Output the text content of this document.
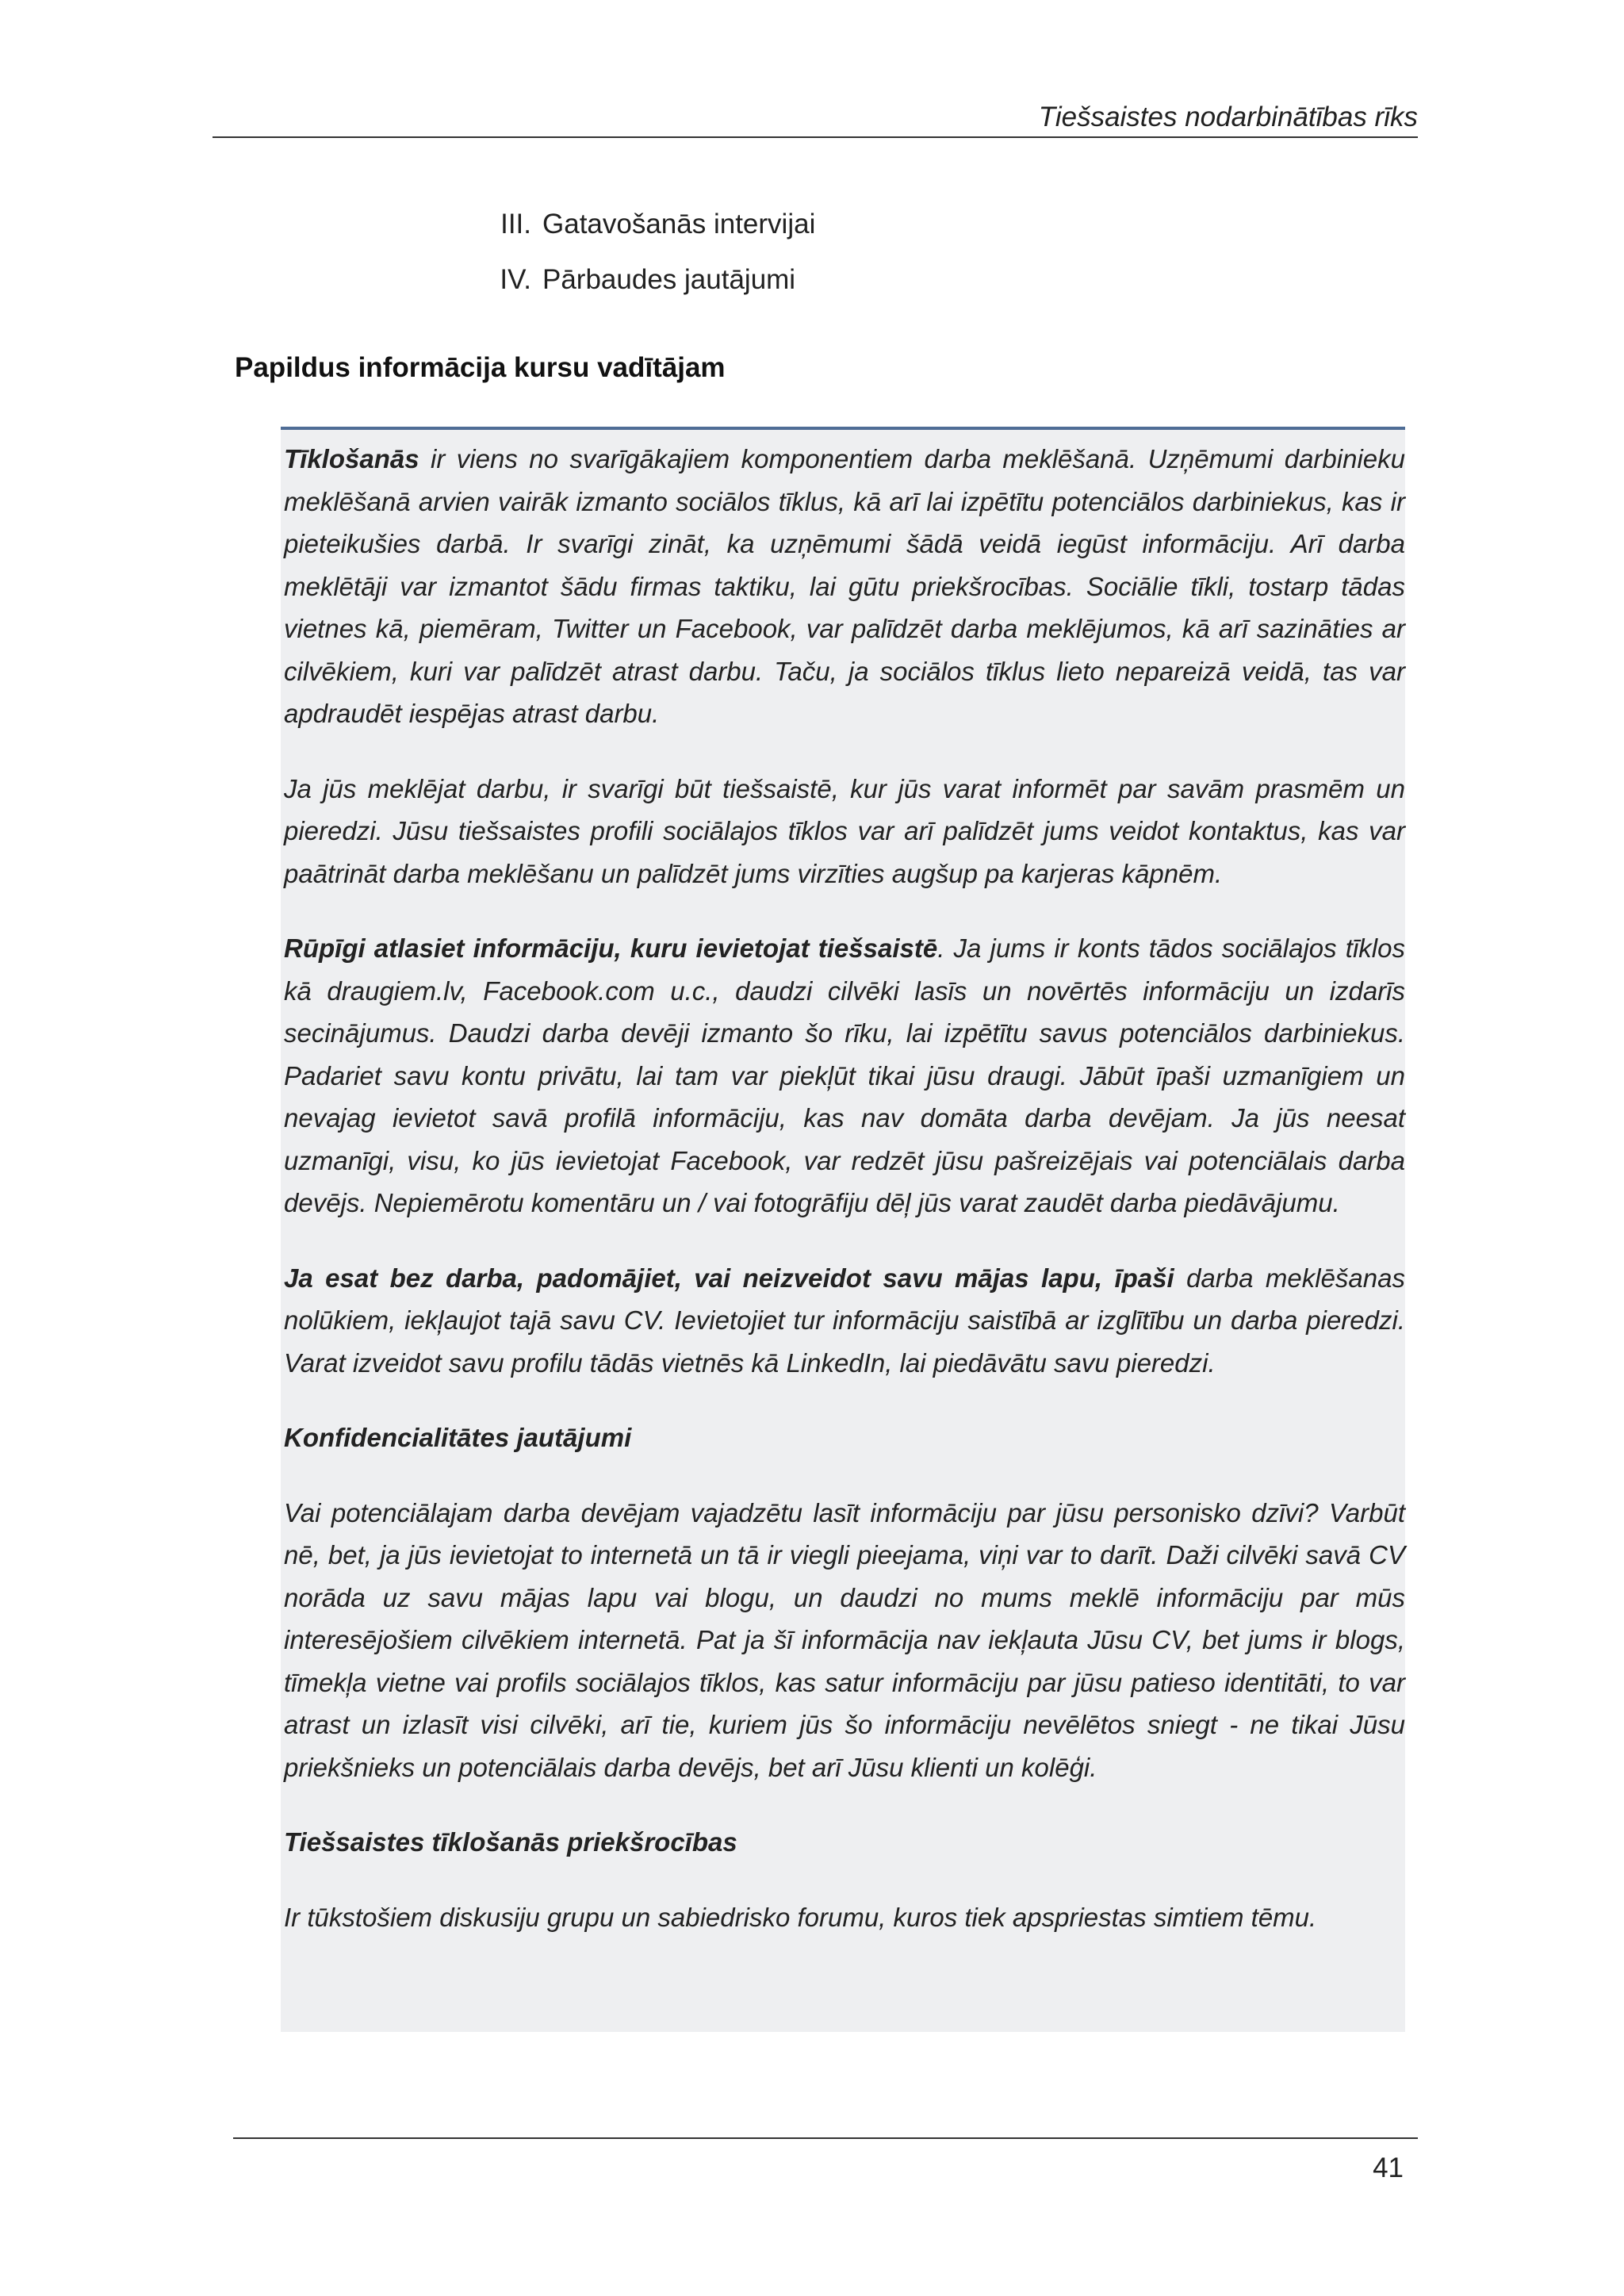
Tiešsaistes nodarbinātības rīks
III. Gatavošanās intervijai
IV. Pārbaudes jautājumi
Papildus informācija kursu vadītājam

Tīklošanās ir viens no svarīgākajiem komponentiem darba meklēšanā. Uzņēmumi darbinieku meklēšanā arvien vairāk izmanto sociālos tīklus, kā arī lai izpētītu potenciālos darbiniekus, kas ir pieteikušies darbā. Ir svarīgi zināt, ka uzņēmumi šādā veidā iegūst informāciju. Arī darba meklētāji var izmantot šādu firmas taktiku, lai gūtu priekšrocības. Sociālie tīkli, tostarp tādas vietnes kā, piemēram, Twitter un Facebook, var palīdzēt darba meklējumos, kā arī sazināties ar cilvēkiem, kuri var palīdzēt atrast darbu. Taču, ja sociālos tīklus lieto nepareizā veidā, tas var apdraudēt iespējas atrast darbu.

Ja jūs meklējat darbu, ir svarīgi būt tiešsaistē, kur jūs varat informēt par savām prasmēm un pieredzi. Jūsu tiešsaistes profili sociālajos tīklos var arī palīdzēt jums veidot kontaktus, kas var paātrināt darba meklēšanu un palīdzēt jums virzīties augšup pa karjeras kāpnēm.

Rūpīgi atlasiet informāciju, kuru ievietojat tiešsaistē. Ja jums ir konts tādos sociālajos tīklos kā draugiem.lv, Facebook.com u.c., daudzi cilvēki lasīs un novērtēs informāciju un izdarīs secinājumus. Daudzi darba devēji izmanto šo rīku, lai izpētītu savus potenciālos darbiniekus. Padariet savu kontu privātu, lai tam var piekļūt tikai jūsu draugi. Jābūt īpaši uzmanīgiem un nevajag ievietot savā profilā informāciju, kas nav domāta darba devējam. Ja jūs neesat uzmanīgi, visu, ko jūs ievietojat Facebook, var redzēt jūsu pašreizējais vai potenciālais darba devējs. Nepiemērotu komentāru un / vai fotogrāfiju dēļ jūs varat zaudēt darba piedāvājumu.

Ja esat bez darba, padomājiet, vai neizveidot savu mājas lapu, īpaši darba meklēšanas nolūkiem, iekļaujot tajā savu CV. Ievietojiet tur informāciju saistībā ar izglītību un darba pieredzi. Varat izveidot savu profilu tādās vietnēs kā LinkedIn, lai piedāvātu savu pieredzi.

Konfidencialitātes jautājumi

Vai potenciālajam darba devējam vajadzētu lasīt informāciju par jūsu personisko dzīvi? Varbūt nē, bet, ja jūs ievietojat to internetā un tā ir viegli pieejama, viņi var to darīt. Daži cilvēki savā CV norāda uz savu mājas lapu vai blogu, un daudzi no mums meklē informāciju par mūs interesējošiem cilvēkiem internetā. Pat ja šī informācija nav iekļauta Jūsu CV, bet jums ir blogs, tīmekļa vietne vai profils sociālajos tīklos, kas satur informāciju par jūsu patieso identitāti, to var atrast un izlasīt visi cilvēki, arī tie, kuriem jūs šo informāciju nevēlētos sniegt - ne tikai Jūsu priekšnieks un potenciālais darba devējs, bet arī Jūsu klienti un kolēģi.

Tiešsaistes tīklošanās priekšrocības

Ir tūkstošiem diskusiju grupu un sabiedrisko forumu, kuros tiek apspriestas simtiem tēmu.

41
